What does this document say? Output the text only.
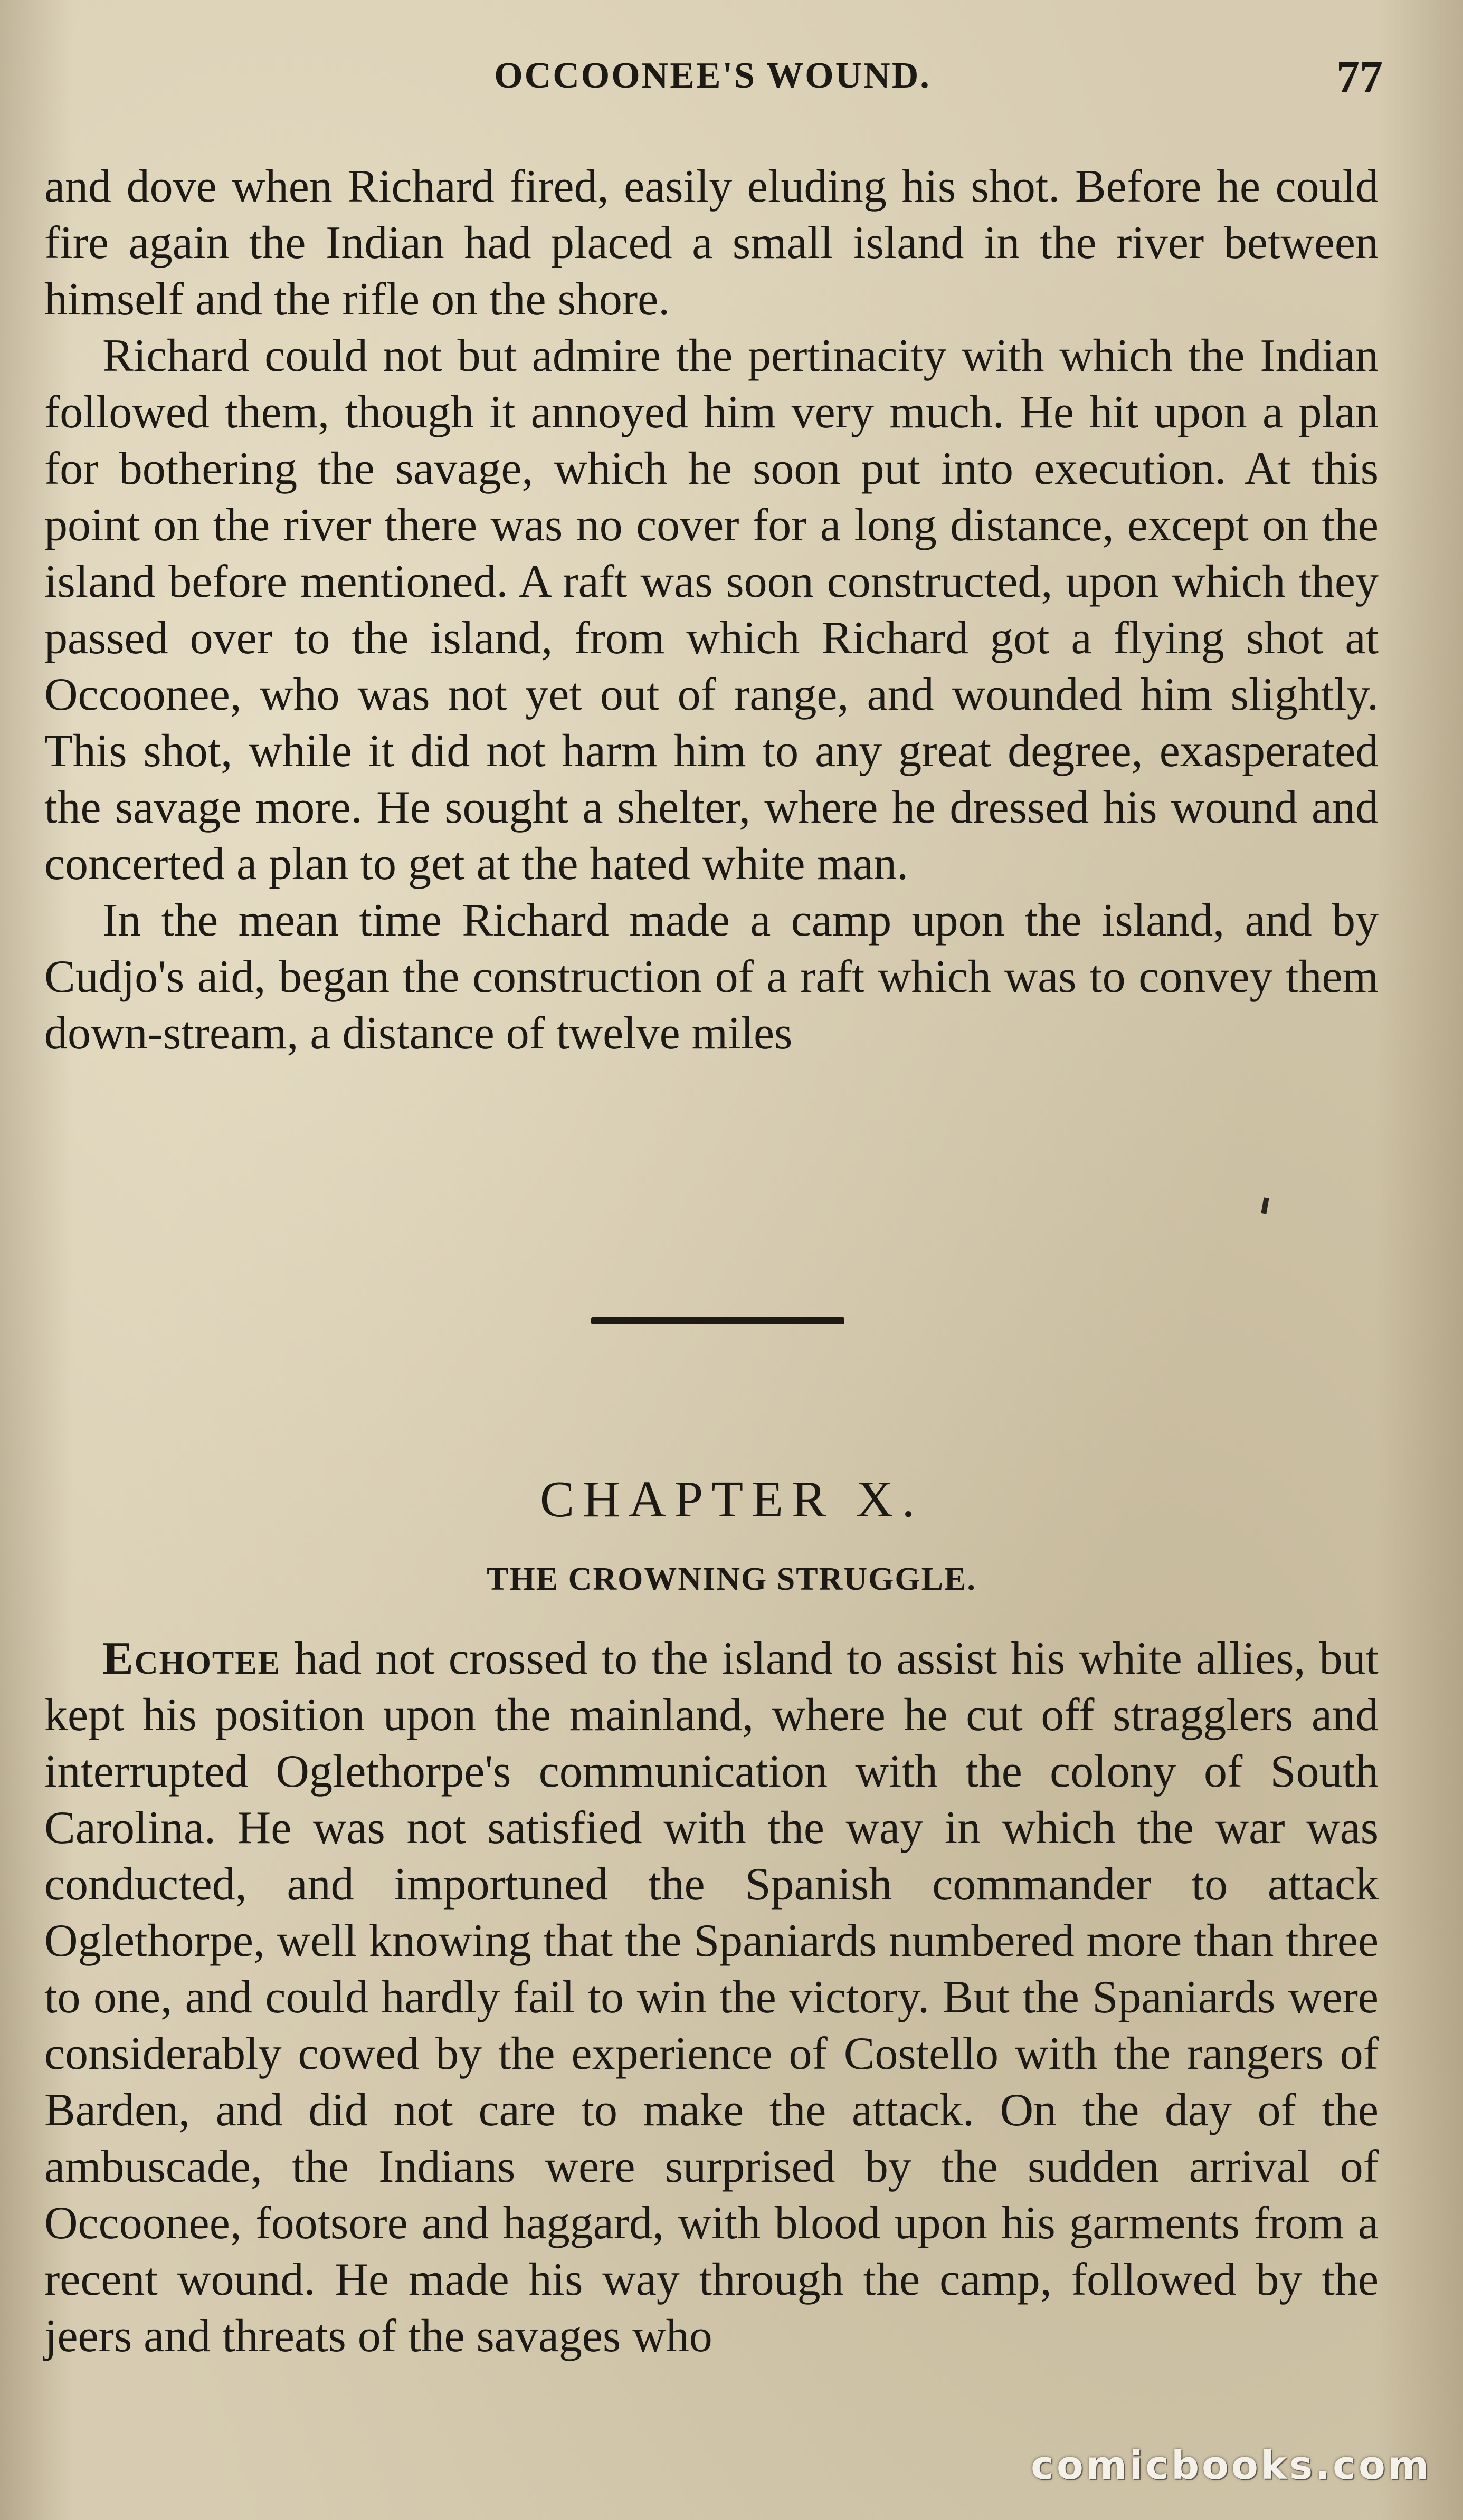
OCCOONEE'S WOUND.	77

and dove when Richard fired, easily eluding his shot. Before he could fire again the Indian had placed a small island in the river between himself and the rifle on the shore.

Richard could not but admire the pertinacity with which the Indian followed them, though it annoyed him very much. He hit upon a plan for bothering the savage, which he soon put into execution. At this point on the river there was no cover for a long distance, except on the island before mentioned. A raft was soon constructed, upon which they passed over to the island, from which Richard got a flying shot at Occoonee, who was not yet out of range, and wounded him slightly. This shot, while it did not harm him to any great degree, exasperated the savage more. He sought a shelter, where he dressed his wound and concerted a plan to get at the hated white man.

In the mean time Richard made a camp upon the island, and by Cudjo's aid, began the construction of a raft which was to convey them down-stream, a distance of twelve miles

CHAPTER X.
THE CROWNING STRUGGLE.

Echotee had not crossed to the island to assist his white allies, but kept his position upon the mainland, where he cut off stragglers and interrupted Oglethorpe's communication with the colony of South Carolina. He was not satisfied with the way in which the war was conducted, and importuned the Spanish commander to attack Oglethorpe, well knowing that the Spaniards numbered more than three to one, and could hardly fail to win the victory. But the Spaniards were considerably cowed by the experience of Costello with the rangers of Barden, and did not care to make the attack. On the day of the ambuscade, the Indians were surprised by the sudden arrival of Occoonee, footsore and haggard, with blood upon his garments from a recent wound. He made his way through the camp, followed by the jeers and threats of the savages who

comicbooks.com
